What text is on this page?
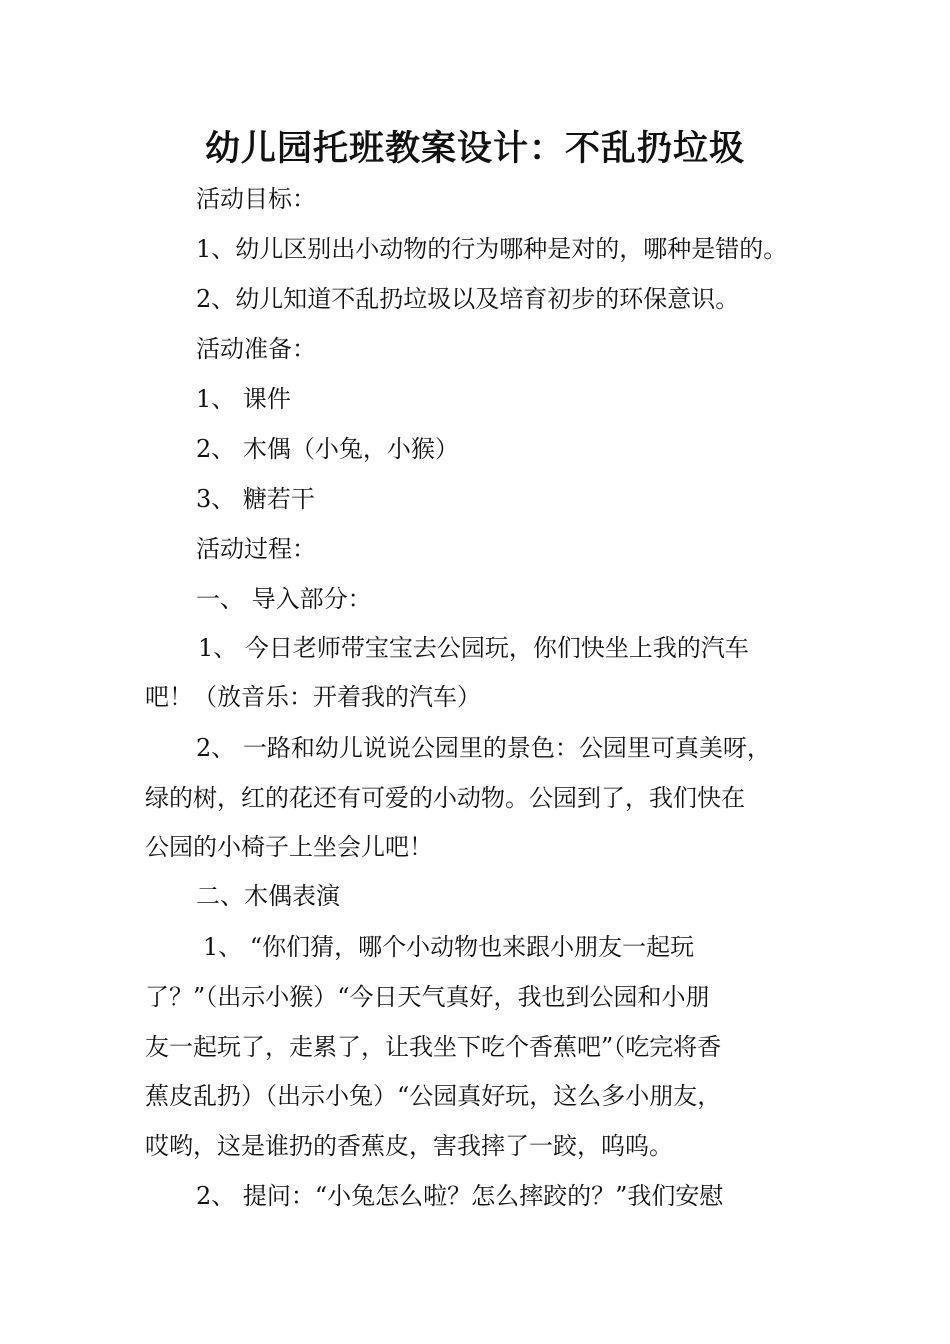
幼儿园托班教案设计：不乱扔垃圾

活动目标：

1、幼儿区别出小动物的行为哪种是对的，哪种是错的。

2、幼儿知道不乱扔垃圾以及培育初步的环保意识。

活动准备：

1、 课件

2、 木偶（小兔，小猴）

3、 糖若干

活动过程：

一、 导入部分：

1、 今日老师带宝宝去公园玩，你们快坐上我的汽车

吧！（放音乐：开着我的汽车）

2、 一路和幼儿说说公园里的景色：公园里可真美呀，

绿的树，红的花还有可爱的小动物。公园到了，我们快在

公园的小椅子上坐会儿吧！

二、木偶表演

1、 “你们猜，哪个小动物也来跟小朋友一起玩

了？”（出示小猴）“今日天气真好，我也到公园和小朋

友一起玩了，走累了，让我坐下吃个香蕉吧”（吃完将香

蕉皮乱扔）（出示小兔）“公园真好玩，这么多小朋友，

哎哟，这是谁扔的香蕉皮，害我摔了一跤，呜呜。

2、 提问：“小兔怎么啦？怎么摔跤的？”我们安慰
